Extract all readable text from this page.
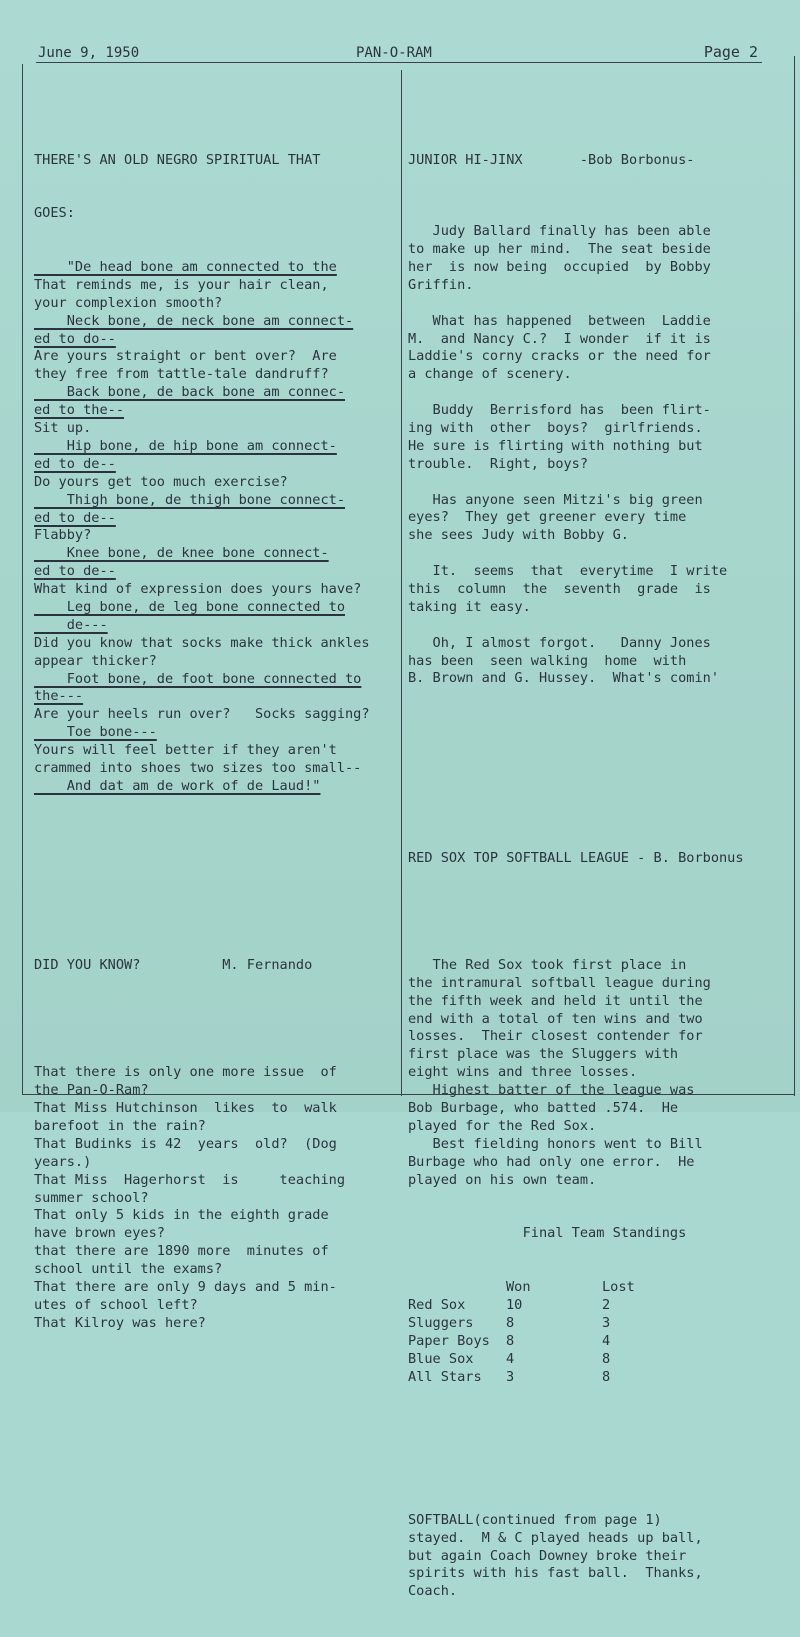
June 9, 1950	PAN-O-RAM	Page 2

THERE'S AN OLD NEGRO SPIRITUAL THAT

GOES:

"De head bone am connected to the
That reminds me, is your hair clean,
your complexion smooth?
Neck bone, de neck bone am connect-
ed to do--
Are yours straight or bent over?  Are
they free from tattle-tale dandruff?
Back bone, de back bone am connec-
ed to the--
Sit up.
Hip bone, de hip bone am connect-
ed to de--
Do yours get too much exercise?
Thigh bone, de thigh bone connect-
ed to de--
Flabby?
Knee bone, de knee bone connect-
ed to de--
What kind of expression does yours have?
Leg bone, de leg bone connected to
de---
Did you know that socks make thick ankles
appear thicker?
Foot bone, de foot bone connected to
the---
Are your heels run over?   Socks sagging?
Toe bone---
Yours will feel better if they aren't
crammed into shoes two sizes too small--
And dat am de work of de Laud!"

DID YOU KNOW?	M. Fernando

That there is only one more issue  of
the Pan-O-Ram?
That Miss Hutchinson  likes  to  walk
barefoot in the rain?
That Budinks is 42  years  old?  (Dog
years.)
That Miss  Hagerhorst  is     teaching
summer school?
That only 5 kids in the eighth grade
have brown eyes?
that there are 1890 more  minutes of
school until the exams?
That there are only 9 days and 5 min-
utes of school left?
That Kilroy was here?

JUNIOR HI-JINX	-Bob Borbonus-

Judy Ballard finally has been able
to make up her mind.  The seat beside
her  is now being  occupied  by Bobby
Griffin.
What has happened  between  Laddie
M.  and Nancy C.?  I wonder  if it is
Laddie's corny cracks or the need for
a change of scenery.
Buddy  Berrisford has  been flirt-
ing with  other  boys?  girlfriends.
He sure is flirting with nothing but
trouble.  Right, boys?
Has anyone seen Mitzi's big green
eyes?  They get greener every time
she sees Judy with Bobby G.
It.  seems  that  everytime  I write
this  column  the  seventh  grade  is
taking it easy.
Oh, I almost forgot.   Danny Jones
has been  seen walking  home  with
B. Brown and G. Hussey.  What's comin'

RED SOX TOP SOFTBALL LEAGUE - B. Borbonus

The Red Sox took first place in
the intramural softball league during
the fifth week and held it until the
end with a total of ten wins and two
losses.  Their closest contender for
first place was the Sluggers with
eight wins and three losses.
Highest batter of the league was
Bob Burbage, who batted .574.  He
played for the Red Sox.
Best fielding honors went to Bill
Burbage who had only one error.  He
played on his own team.

Final Team Standings

	Won	Lost
Red Sox	10	2
Sluggers	8	3
Paper Boys	8	4
Blue Sox	4	8
All Stars	3	8

SOFTBALL(continued from page 1)
stayed.  M & C played heads up ball,
but again Coach Downey broke their
spirits with his fast ball.  Thanks,
Coach.
